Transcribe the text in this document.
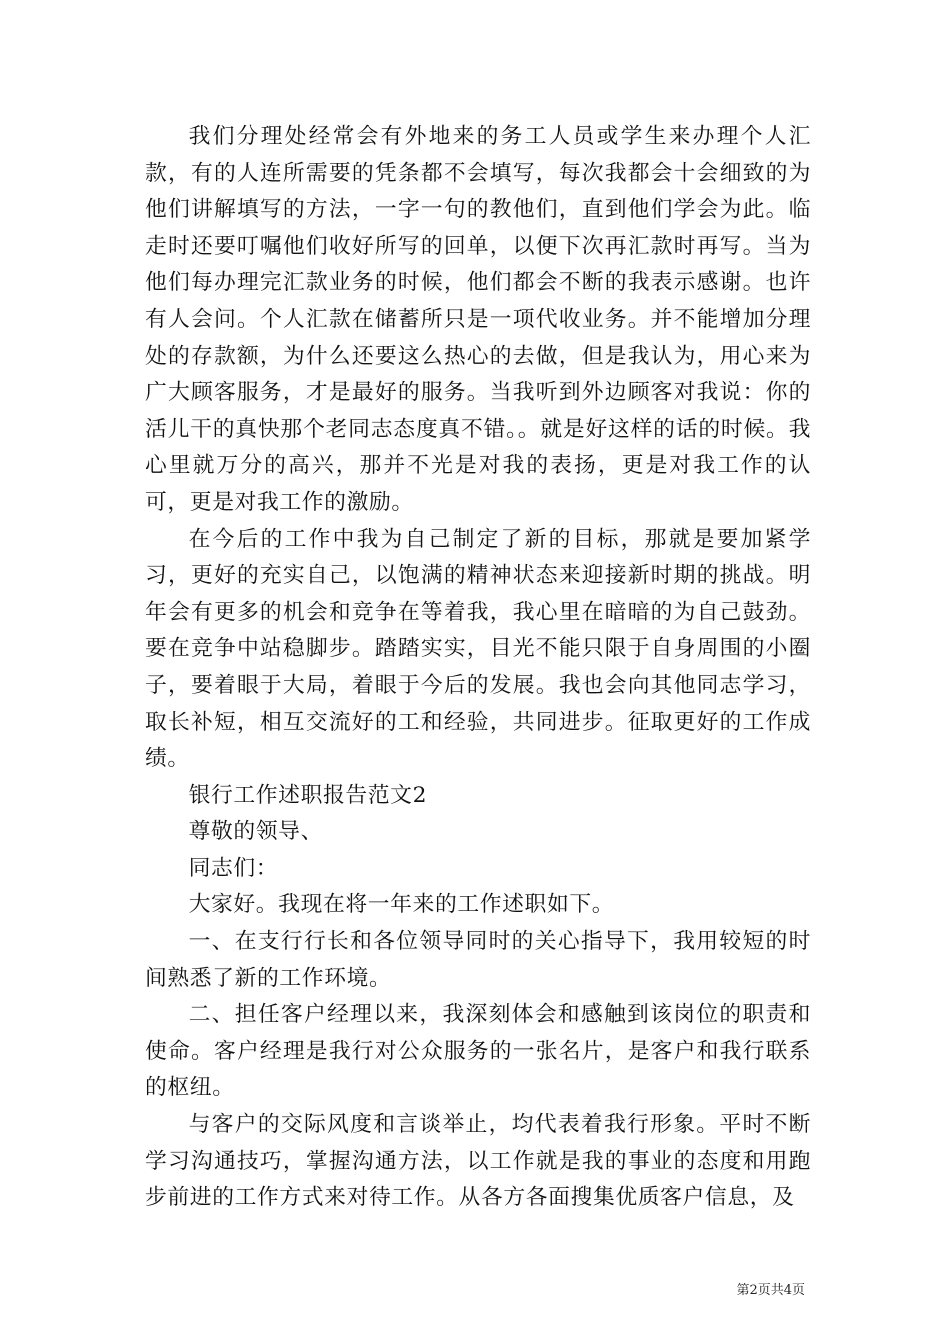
我们分理处经常会有外地来的务工人员或学生来办理个人汇款，有的人连所需要的凭条都不会填写，每次我都会十会细致的为他们讲解填写的方法，一字一句的教他们，直到他们学会为此。临走时还要叮嘱他们收好所写的回单，以便下次再汇款时再写。当为他们每办理完汇款业务的时候，他们都会不断的我表示感谢。也许有人会问。个人汇款在储蓄所只是一项代收业务。并不能增加分理处的存款额，为什么还要这么热心的去做，但是我认为，用心来为广大顾客服务，才是最好的服务。当我听到外边顾客对我说：你的活儿干的真快那个老同志态度真不错。。就是好这样的话的时候。我心里就万分的高兴，那并不光是对我的表扬，更是对我工作的认可，更是对我工作的激励。

在今后的工作中我为自己制定了新的目标，那就是要加紧学习，更好的充实自己，以饱满的精神状态来迎接新时期的挑战。明年会有更多的机会和竞争在等着我，我心里在暗暗的为自己鼓劲。要在竞争中站稳脚步。踏踏实实，目光不能只限于自身周围的小圈子，要着眼于大局，着眼于今后的发展。我也会向其他同志学习，取长补短，相互交流好的工和经验，共同进步。征取更好的工作成绩。

银行工作述职报告范文2

尊敬的领导、

同志们：

大家好。我现在将一年来的工作述职如下。

一、在支行行长和各位领导同时的关心指导下，我用较短的时间熟悉了新的工作环境。

二、担任客户经理以来，我深刻体会和感触到该岗位的职责和使命。客户经理是我行对公众服务的一张名片，是客户和我行联系的枢纽。

与客户的交际风度和言谈举止，均代表着我行形象。平时不断学习沟通技巧，掌握沟通方法，以工作就是我的事业的态度和用跑步前进的工作方式来对待工作。从各方各面搜集优质客户信息，及

第2页共4页
